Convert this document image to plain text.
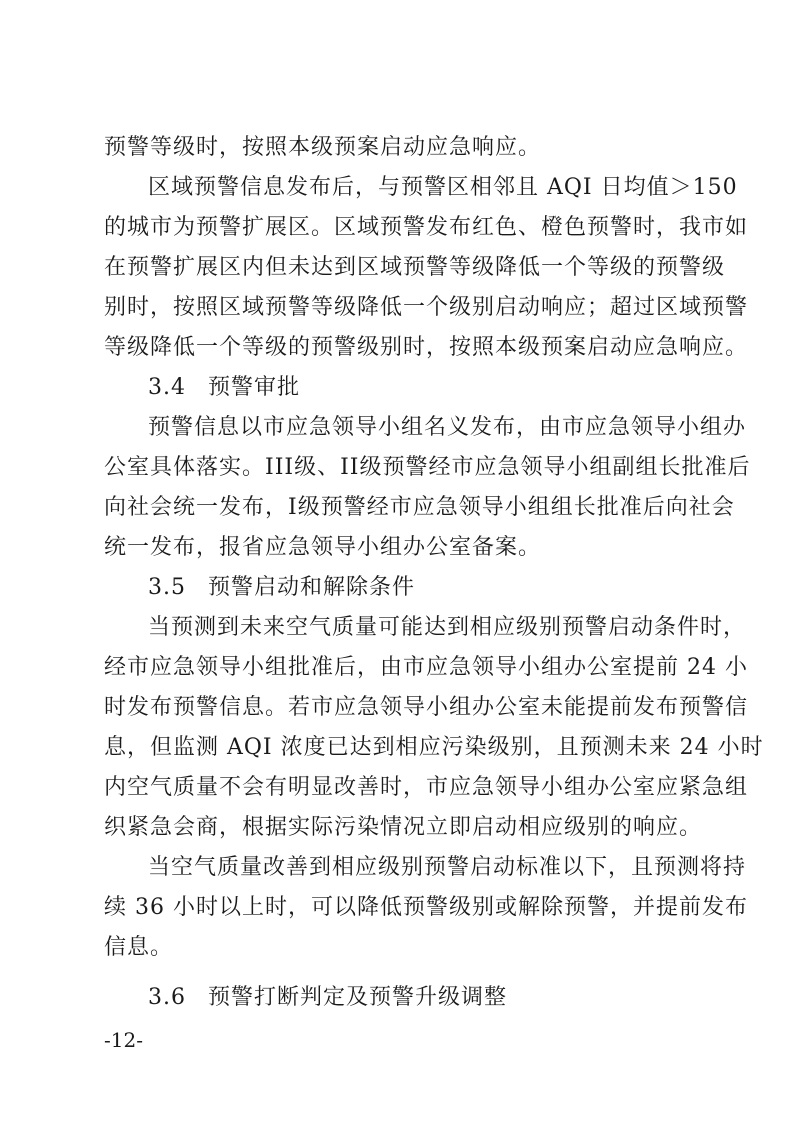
预警等级时，按照本级预案启动应急响应。
区域预警信息发布后，与预警区相邻且 AQI 日均值＞150
的城市为预警扩展区。区域预警发布红色、橙色预警时，我市如
在预警扩展区内但未达到区域预警等级降低一个等级的预警级
别时，按照区域预警等级降低一个级别启动响应；超过区域预警
等级降低一个等级的预警级别时，按照本级预案启动应急响应。
3.4 预警审批
预警信息以市应急领导小组名义发布，由市应急领导小组办
公室具体落实。III级、II级预警经市应急领导小组副组长批准后
向社会统一发布，I级预警经市应急领导小组组长批准后向社会
统一发布，报省应急领导小组办公室备案。
3.5 预警启动和解除条件
当预测到未来空气质量可能达到相应级别预警启动条件时，
经市应急领导小组批准后，由市应急领导小组办公室提前 24 小
时发布预警信息。若市应急领导小组办公室未能提前发布预警信
息，但监测 AQI 浓度已达到相应污染级别，且预测未来 24 小时
内空气质量不会有明显改善时，市应急领导小组办公室应紧急组
织紧急会商，根据实际污染情况立即启动相应级别的响应。
当空气质量改善到相应级别预警启动标准以下，且预测将持
续 36 小时以上时，可以降低预警级别或解除预警，并提前发布
信息。
3.6 预警打断判定及预警升级调整
-12-
